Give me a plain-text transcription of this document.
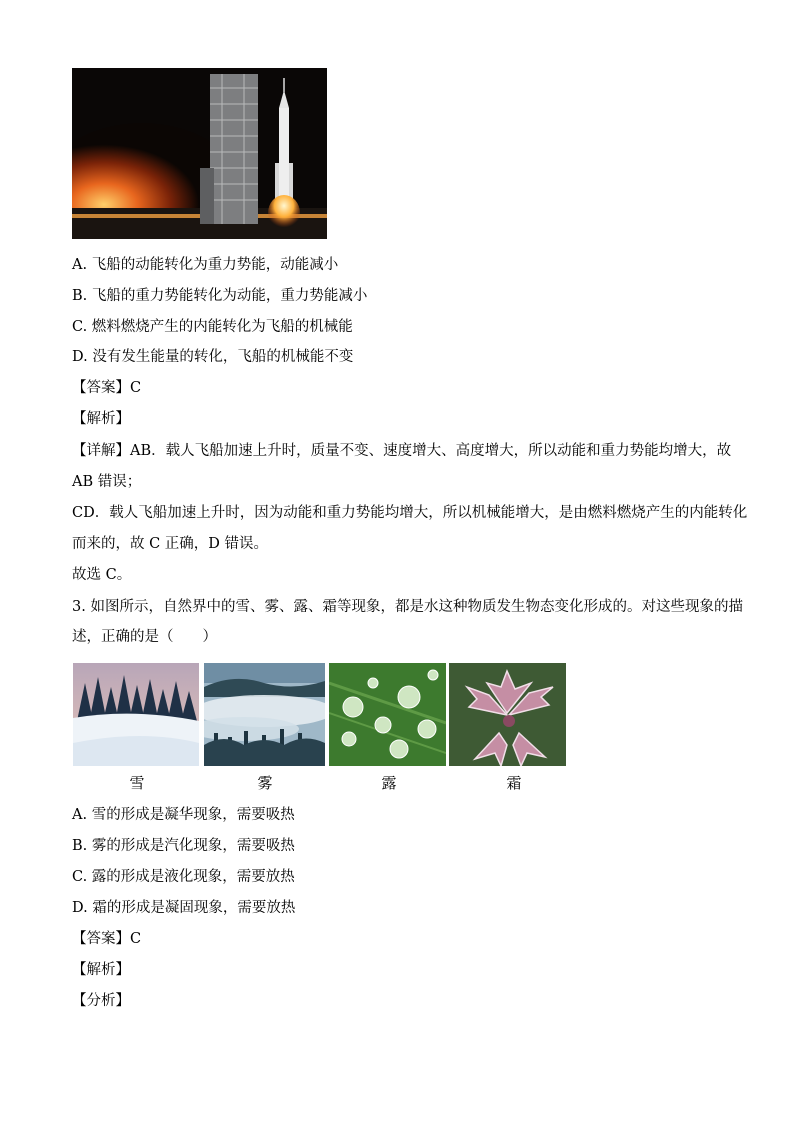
A. 飞船的动能转化为重力势能，动能减小
B. 飞船的重力势能转化为动能，重力势能减小
C. 燃料燃烧产生的内能转化为飞船的机械能
D. 没有发生能量的转化，飞船的机械能不变
【答案】C
【解析】
【详解】AB．载人飞船加速上升时，质量不变、速度增大、高度增大，所以动能和重力势能均增大，故
AB 错误；
CD．载人飞船加速上升时，因为动能和重力势能均增大，所以机械能增大，是由燃料燃烧产生的内能转化
而来的，故 C 正确，D 错误。
故选 C。
3. 如图所示，自然界中的雪、雾、露、霜等现象，都是水这种物质发生物态变化形成的。对这些现象的描
述，正确的是（　　）
雪	雾	露	霜
A. 雪的形成是凝华现象，需要吸热
B. 雾的形成是汽化现象，需要吸热
C. 露的形成是液化现象，需要放热
D. 霜的形成是凝固现象，需要放热
【答案】C
【解析】
【分析】
